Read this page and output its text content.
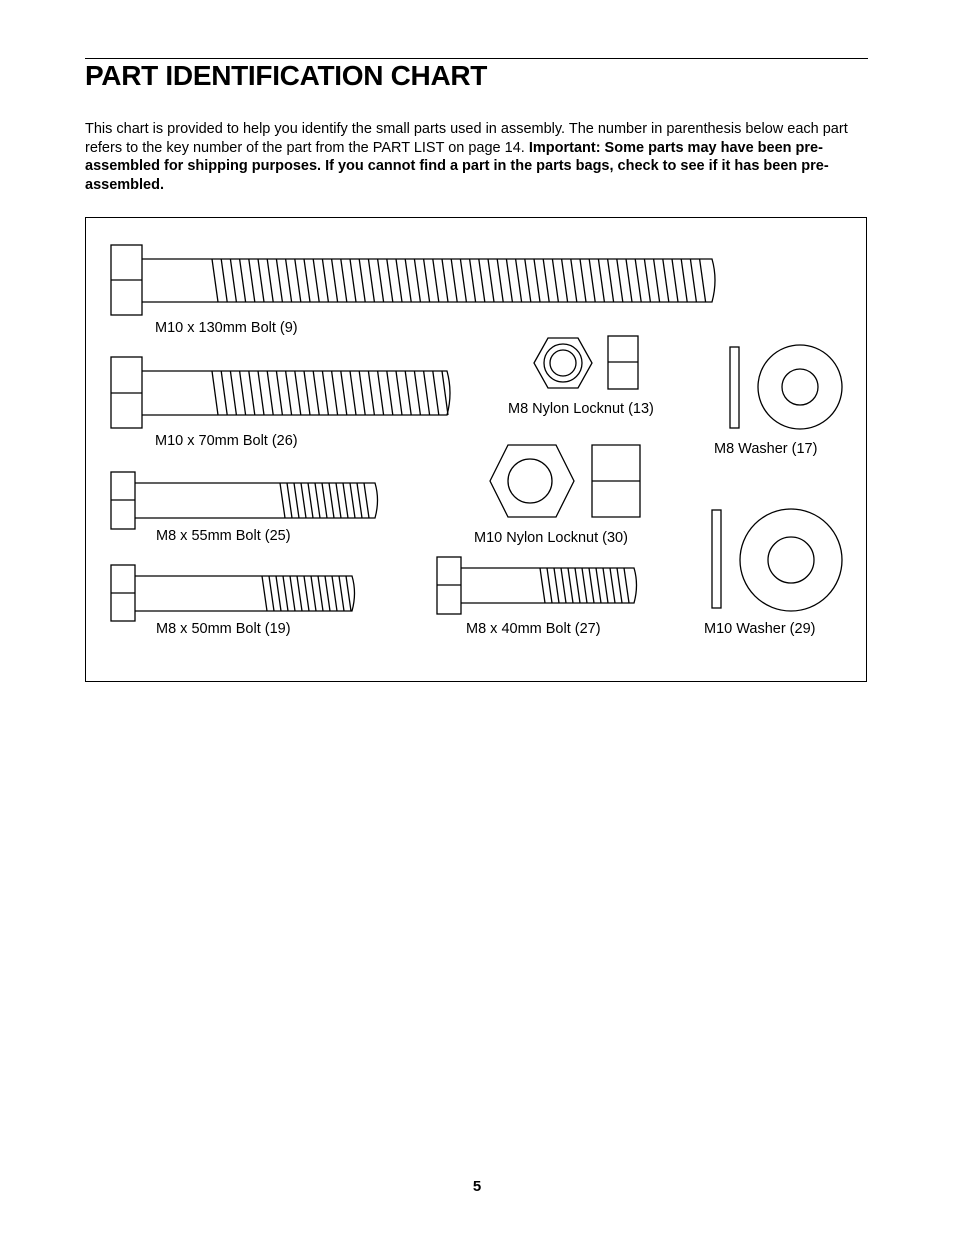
PART IDENTIFICATION CHART

This chart is provided to help you identify the small parts used in assembly. The number in parenthesis below each part refers to the key number of the part from the PART LIST on page 14. Important: Some parts may have been pre-assembled for shipping purposes. If you cannot find a part in the parts bags, check to see if it has been pre-assembled.

M10 x 130mm Bolt (9)
M10 x 70mm Bolt (26)
M8 x 55mm Bolt (25)
M8 x 50mm Bolt (19)
M8 Nylon Locknut (13)
M10 Nylon Locknut (30)
M8 x 40mm Bolt (27)
M8 Washer (17)
M10 Washer (29)
5
